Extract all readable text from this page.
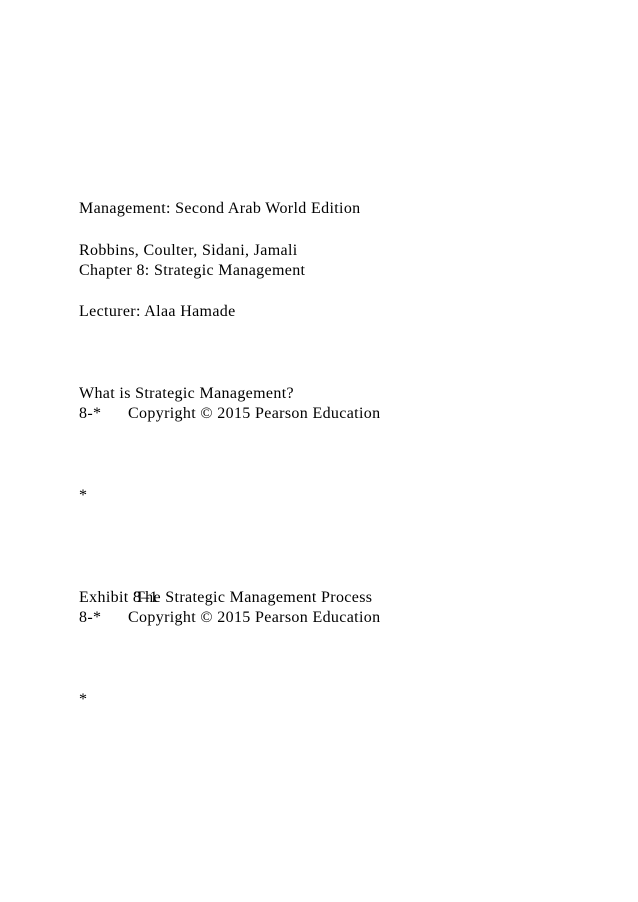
Management: Second Arab World Edition
Robbins, Coulter, Sidani, Jamali
Chapter 8: Strategic Management
Lecturer: Alaa Hamade
What is Strategic Management?
8-* Copyright © 2015 Pearson Education
*
Exhibit 8–1The Strategic Management Process
8-* Copyright © 2015 Pearson Education
*
